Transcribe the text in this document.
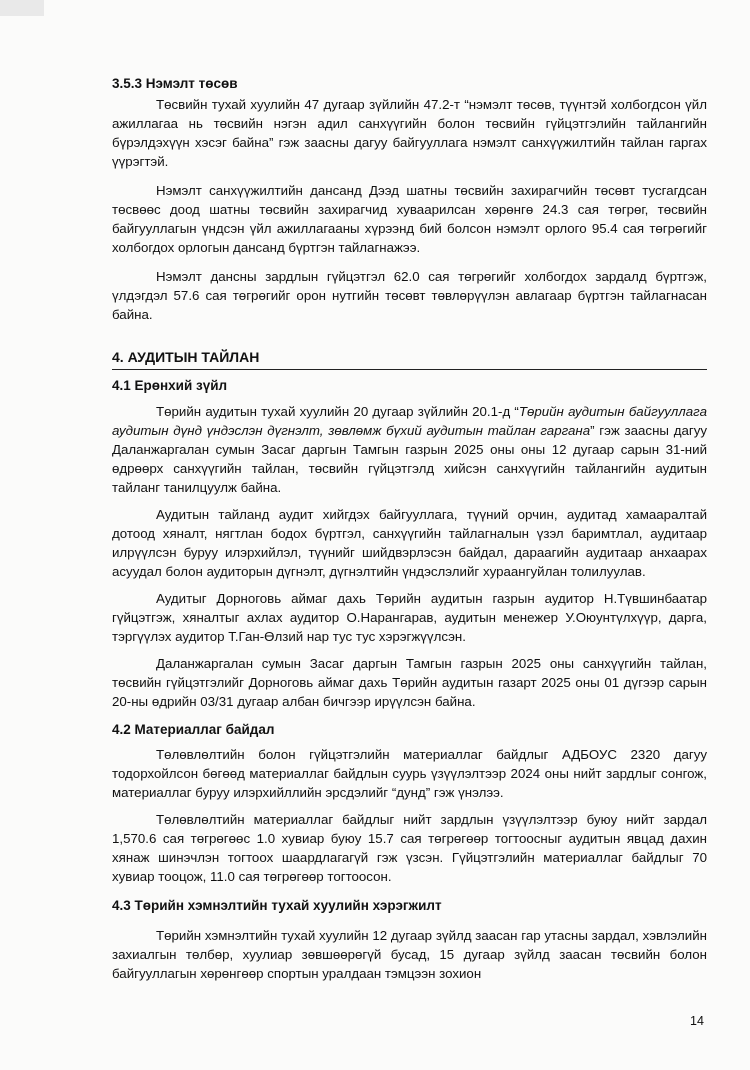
3.5.3 Нэмэлт төсөв

Төсвийн тухай хуулийн 47 дугаар зүйлийн 47.2-т “нэмэлт төсөв, түүнтэй холбогдсон үйл ажиллагаа нь төсвийн нэгэн адил санхүүгийн болон төсвийн гүйцэтгэлийн тайлангийн бүрэлдэхүүн хэсэг байна” гэж заасны дагуу байгууллага нэмэлт санхүүжилтийн тайлан гаргах үүрэгтэй.

Нэмэлт санхүүжилтийн дансанд Дээд шатны төсвийн захирагчийн төсөвт тусгагдсан төсвөөс доод шатны төсвийн захирагчид хуваарилсан хөрөнгө 24.3 сая төгрөг, төсвийн байгууллагын үндсэн үйл ажиллагааны хүрээнд бий болсон нэмэлт орлого 95.4 сая төгрөгийг холбогдох орлогын дансанд бүртгэн тайлагнажээ.

Нэмэлт дансны зардлын гүйцэтгэл 62.0 сая төгрөгийг холбогдох зардалд бүртгэж, үлдэгдэл 57.6 сая төгрөгийг орон нутгийн төсөвт төвлөрүүлэн авлагаар бүртгэн тайлагнасан байна.

4. АУДИТЫН ТАЙЛАН
4.1 Ерөнхий зүйл

Төрийн аудитын тухай хуулийн 20 дугаар зүйлийн 20.1-д “Төрийн аудитын байгууллага аудитын дүнд үндэслэн дүгнэлт, зөвлөмж бүхий аудитын тайлан гаргана” гэж заасны дагуу Даланжаргалан сумын Засаг даргын Тамгын газрын 2025 оны оны 12 дугаар сарын 31-ний өдрөөрх санхүүгийн тайлан, төсвийн гүйцэтгэлд хийсэн санхүүгийн тайлангийн аудитын тайланг танилцуулж байна.

Аудитын тайланд аудит хийгдэх байгууллага, түүний орчин, аудитад хамааралтай дотоод хяналт, нягтлан бодох бүртгэл, санхүүгийн тайлагналын үзэл баримтлал, аудитаар илрүүлсэн буруу илэрхийлэл, түүнийг шийдвэрлэсэн байдал, дараагийн аудитаар анхаарах асуудал болон аудиторын дүгнэлт, дүгнэлтийн үндэслэлийг хураангуйлан толилуулав.

Аудитыг Дорноговь аймаг дахь Төрийн аудитын газрын аудитор Н.Түвшинбаатар гүйцэтгэж, хяналтыг ахлах аудитор О.Нарангарав, аудитын менежер У.Оюунтүлхүүр, дарга, тэргүүлэх аудитор Т.Ган-Өлзий нар тус тус хэрэгжүүлсэн.

Даланжаргалан сумын Засаг даргын Тамгын газрын 2025 оны санхүүгийн тайлан, төсвийн гүйцэтгэлийг Дорноговь аймаг дахь Төрийн аудитын газарт 2025 оны 01 дүгээр сарын 20-ны өдрийн 03/31 дугаар албан бичгээр ирүүлсэн байна.

4.2 Материаллаг байдал

Төлөвлөлтийн болон гүйцэтгэлийн материаллаг байдлыг АДБОУС 2320 дагуу тодорхойлсон бөгөөд материаллаг байдлын суурь үзүүлэлтээр 2024 оны нийт зардлыг сонгож, материаллаг буруу илэрхийллийн эрсдэлийг “дунд” гэж үнэлээ.

Төлөвлөлтийн материаллаг байдлыг нийт зардлын үзүүлэлтээр буюу нийт зардал 1,570.6 сая төгрөгөөс 1.0 хувиар буюу 15.7 сая төгрөгөөр тогтоосныг аудитын явцад дахин хянаж шинэчлэн тогтоох шаардлагагүй гэж үзсэн. Гүйцэтгэлийн материаллаг байдлыг 70 хувиар тооцож, 11.0 сая төгрөгөөр тогтоосон.

4.3 Төрийн хэмнэлтийн тухай хуулийн хэрэгжилт

Төрийн хэмнэлтийн тухай хуулийн 12 дугаар зүйлд заасан гар утасны зардал, хэвлэлийн захиалгын төлбөр, хуулиар зөвшөөрөгүй бусад, 15 дугаар зүйлд заасан төсвийн болон байгууллагын хөрөнгөөр спортын уралдаан тэмцээн зохион

14
